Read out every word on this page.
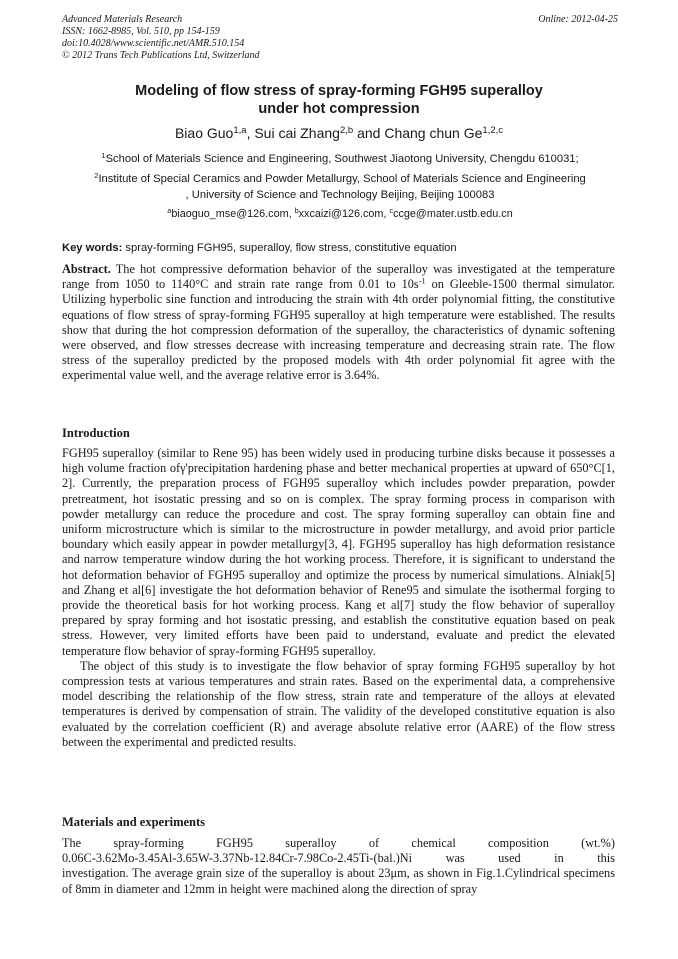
Advanced Materials Research
ISSN: 1662-8985, Vol. 510, pp 154-159
doi:10.4028/www.scientific.net/AMR.510.154
© 2012 Trans Tech Publications Ltd, Switzerland
Online: 2012-04-25
Modeling of flow stress of spray-forming FGH95 superalloy
under hot compression
Biao Guo$^{1,a}$, Sui cai Zhang$^{2,b}$ and Chang chun Ge$^{1,2,c}$
$^1$School of Materials Science and Engineering, Southwest Jiaotong University, Chengdu 610031;
$^2$Institute of Special Ceramics and Powder Metallurgy, School of Materials Science and Engineering
, University of Science and Technology Beijing, Beijing 100083
$^a$biaoguo_mse@126.com, $^b$xxcaizi@126.com, $^c$ccge@mater.ustb.edu.cn
Key words: spray-forming FGH95, superalloy, flow stress, constitutive equation
Abstract. The hot compressive deformation behavior of the superalloy was investigated at the temperature range from 1050 to 1140°C and strain rate range from 0.01 to $10s^{-1}$ on Gleeble-1500 thermal simulator. Utilizing hyperbolic sine function and introducing the strain with 4th order polynomial fitting, the constitutive equations of flow stress of spray-forming FGH95 superalloy at high temperature were established. The results show that during the hot compression deformation of the superalloy, the characteristics of dynamic softening were observed, and flow stresses decrease with increasing temperature and decreasing strain rate. The flow stress of the superalloy predicted by the proposed models with 4th order polynomial fit agree with the experimental value well, and the average relative error is 3.64%.
Introduction
FGH95 superalloy (similar to Rene 95) has been widely used in producing turbine disks because it possesses a high volume fraction ofγ'precipitation hardening phase and better mechanical properties at upward of 650°C[1, 2]. Currently, the preparation process of FGH95 superalloy which includes powder preparation, powder pretreatment, hot isostatic pressing and so on is complex. The spray forming process in comparison with powder metallurgy can reduce the procedure and cost. The spray forming superalloy can obtain fine and uniform microstructure which is similar to the microstructure in powder metallurgy, and avoid prior particle boundary which easily appear in powder metallurgy[3, 4]. FGH95 superalloy has high deformation resistance and narrow temperature window during the hot working process. Therefore, it is significant to understand the hot deformation behavior of FGH95 superalloy and optimize the process by numerical simulations. Alniak[5] and Zhang et al[6] investigate the hot deformation behavior of Rene95 and simulate the isothermal forging to provide the theoretical basis for hot working process. Kang et al[7] study the flow behavior of superalloy prepared by spray forming and hot isostatic pressing, and establish the constitutive equation based on peak stress. However, very limited efforts have been paid to understand, evaluate and predict the elevated temperature flow behavior of spray-forming FGH95 superalloy.
The object of this study is to investigate the flow behavior of spray forming FGH95 superalloy by hot compression tests at various temperatures and strain rates. Based on the experimental data, a comprehensive model describing the relationship of the flow stress, strain rate and temperature of the alloys at elevated temperatures is derived by compensation of strain. The validity of the developed constitutive equation is also evaluated by the correlation coefficient (R) and average absolute relative error (AARE) of the flow stress between the experimental and predicted results.
Materials and experiments
The	spray-forming	FGH95	superalloy	of	chemical	composition	(wt.%)
0.06C-3.62Mo-3.45Al-3.65W-3.37Nb-12.84Cr-7.98Co-2.45Ti-(bal.)Ni	was	used	in	this
investigation. The average grain size of the superalloy is about 23μm, as shown in Fig.1.Cylindrical specimens of 8mm in diameter and 12mm in height were machined along the direction of spray
